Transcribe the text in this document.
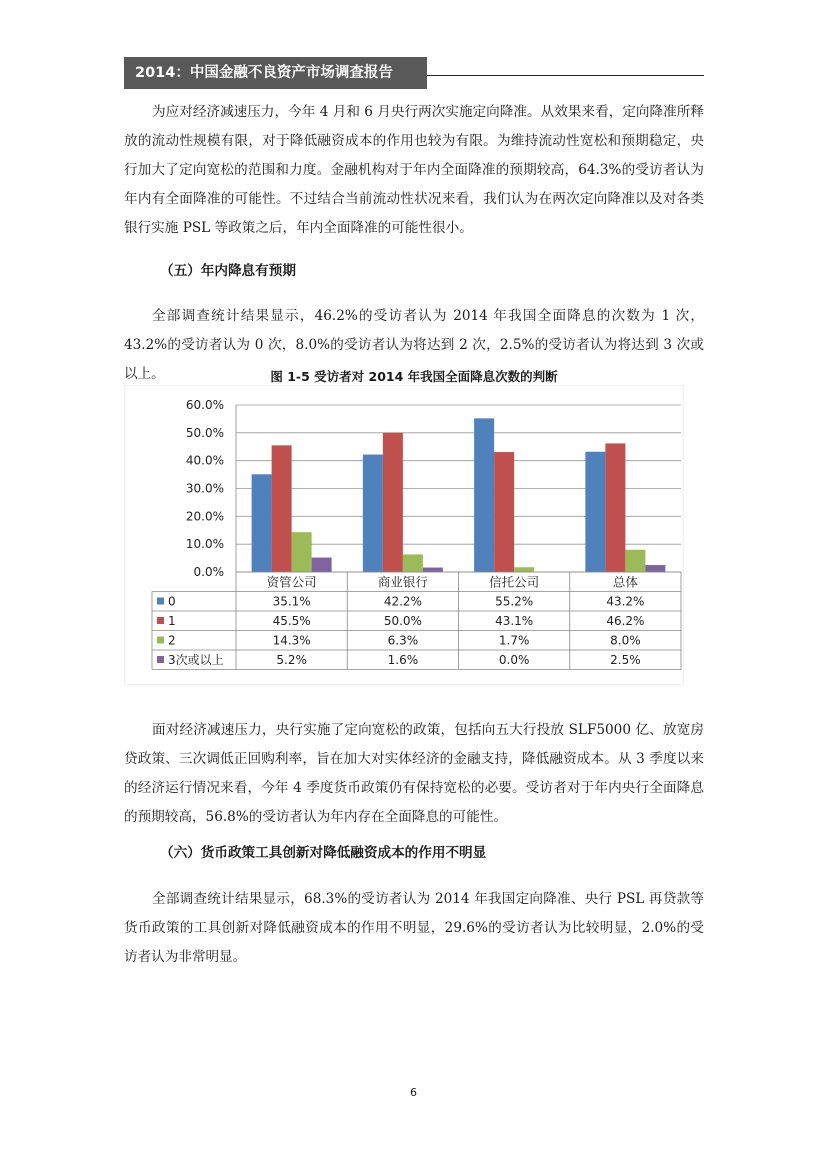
2014：中国金融不良资产市场调查报告

为应对经济减速压力，今年 4 月和 6 月央行两次实施定向降准。从效果来看，定向降准所释放的流动性规模有限，对于降低融资成本的作用也较为有限。为维持流动性宽松和预期稳定，央行加大了定向宽松的范围和力度。金融机构对于年内全面降准的预期较高，64.3%的受访者认为年内有全面降准的可能性。不过结合当前流动性状况来看，我们认为在两次定向降准以及对各类银行实施 PSL 等政策之后，年内全面降准的可能性很小。

（五）年内降息有预期

全部调查统计结果显示，46.2%的受访者认为 2014 年我国全面降息的次数为 1 次，43.2%的受访者认为 0 次，8.0%的受访者认为将达到 2 次，2.5%的受访者认为将达到 3 次或以上。	图 1-5 受访者对 2014 年我国全面降息次数的判断
0.0%
10.0%
20.0%
30.0%
40.0%
50.0%
60.0%
资管公司	商业银行	信托公司	总体
0	35.1%	42.2%	55.2%	43.2%
1	45.5%	50.0%	43.1%	46.2%
2	14.3%	6.3%	1.7%	8.0%
3次或以上	5.2%	1.6%	0.0%	2.5%

面对经济减速压力，央行实施了定向宽松的政策，包括向五大行投放 SLF5000 亿、放宽房贷政策、三次调低正回购利率，旨在加大对实体经济的金融支持，降低融资成本。从 3 季度以来的经济运行情况来看，今年 4 季度货币政策仍有保持宽松的必要。受访者对于年内央行全面降息的预期较高，56.8%的受访者认为年内存在全面降息的可能性。

（六）货币政策工具创新对降低融资成本的作用不明显

全部调查统计结果显示，68.3%的受访者认为 2014 年我国定向降准、央行 PSL 再贷款等货币政策的工具创新对降低融资成本的作用不明显，29.6%的受访者认为比较明显，2.0%的受访者认为非常明显。

6
